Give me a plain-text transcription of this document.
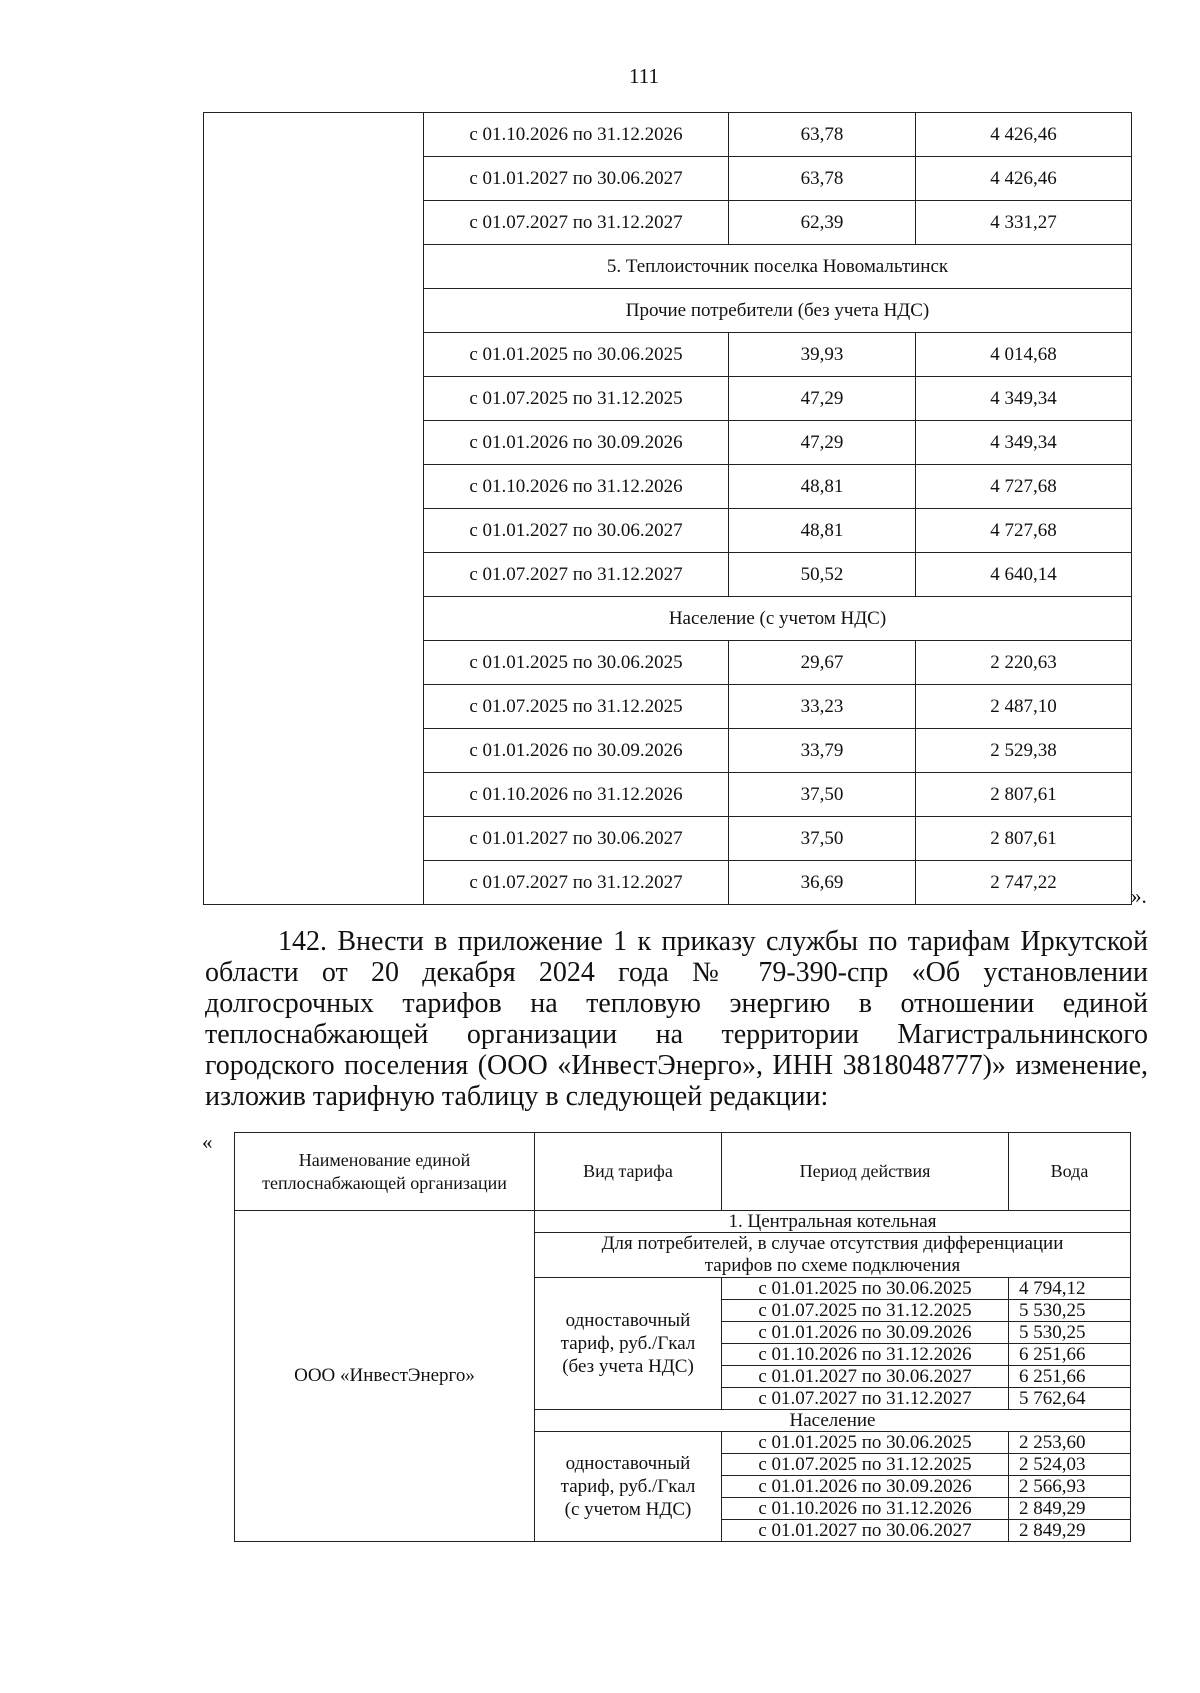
111
	с 01.10.2026 по 31.12.2026	63,78	4 426,46
	с 01.01.2027 по 30.06.2027	63,78	4 426,46
	с 01.07.2027 по 31.12.2027	62,39	4 331,27
	5. Теплоисточник поселка Новомальтинск		
	Прочие потребители (без учета НДС)		
	с 01.01.2025 по 30.06.2025	39,93	4 014,68
	с 01.07.2025 по 31.12.2025	47,29	4 349,34
	с 01.01.2026 по 30.09.2026	47,29	4 349,34
	с 01.10.2026 по 31.12.2026	48,81	4 727,68
	с 01.01.2027 по 30.06.2027	48,81	4 727,68
	с 01.07.2027 по 31.12.2027	50,52	4 640,14
	Население (с учетом НДС)		
	с 01.01.2025 по 30.06.2025	29,67	2 220,63
	с 01.07.2025 по 31.12.2025	33,23	2 487,10
	с 01.01.2026 по 30.09.2026	33,79	2 529,38
	с 01.10.2026 по 31.12.2026	37,50	2 807,61
	с 01.01.2027 по 30.06.2027	37,50	2 807,61
	с 01.07.2027 по 31.12.2027	36,69	2 747,22
».
142. Внести в приложение 1 к приказу службы по тарифам Иркутской
области от 20 декабря 2024 года № 79-390-спр «Об установлении
долгосрочных тарифов на тепловую энергию в отношении единой
теплоснабжающей организации на территории Магистральнинского
городского поселения (ООО «ИнвестЭнерго», ИНН 3818048777)» изменение,
изложив тарифную таблицу в следующей редакции:
«
Наименование единой теплоснабжающей организации	Вид тарифа	Период действия	Вода
ООО «ИнвестЭнерго»	1. Центральная котельная		
	Для потребителей, в случае отсутствия дифференциации тарифов по схеме подключения		
	одноставочный тариф, руб./Гкал (без учета НДС)	с 01.01.2025 по 30.06.2025	4 794,12
		с 01.07.2025 по 31.12.2025	5 530,25
		с 01.01.2026 по 30.09.2026	5 530,25
		с 01.10.2026 по 31.12.2026	6 251,66
		с 01.01.2027 по 30.06.2027	6 251,66
		с 01.07.2027 по 31.12.2027	5 762,64
	Население		
	одноставочный тариф, руб./Гкал (с учетом НДС)	с 01.01.2025 по 30.06.2025	2 253,60
		с 01.07.2025 по 31.12.2025	2 524,03
		с 01.01.2026 по 30.09.2026	2 566,93
		с 01.10.2026 по 31.12.2026	2 849,29
		с 01.01.2027 по 30.06.2027	2 849,29
